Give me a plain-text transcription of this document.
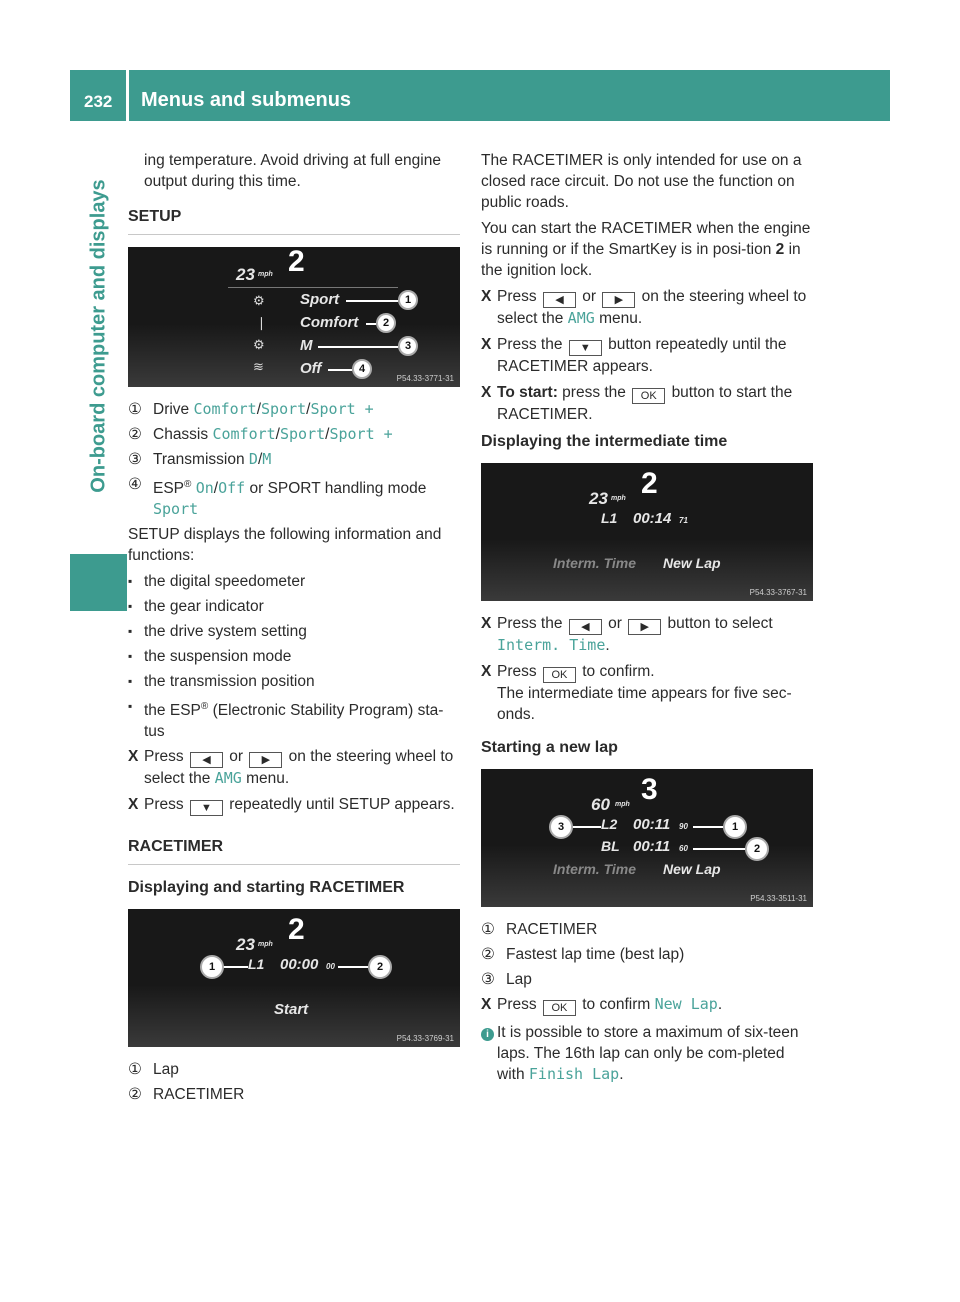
232 Menus and submenus
On-board computer and displays

ing temperature. Avoid driving at full engine output during this time.

SETUP
23 mph 2
⚙
❘
⚙
≋
Sport
Comfort
M
Off
1
2
3
4
P54.33-3771-31
① Drive Comfort/Sport/Sport +
② Chassis Comfort/Sport/Sport +
③ Transmission D/M
④ ESP® On/Off or SPORT handling mode
Sport

SETUP displays the following information and functions:

▪ the digital speedometer
▪ the gear indicator
▪ the drive system setting
▪ the suspension mode
▪ the transmission position
▪ the ESP® (Electronic Stability Program) sta-tus
X Press ◀ or ▶ on the steering wheel to select the AMG menu.
X Press ▼ repeatedly until SETUP appears.
RACETIMER
Displaying and starting RACETIMER
23 mph 2
L1 00:00 00
Start
1	2
P54.33-3769-31
① Lap
② RACETIMER

The RACETIMER is only intended for use on a closed race circuit. Do not use the function on public roads.

You can start the RACETIMER when the engine is running or if the SmartKey is in posi-tion 2 in the ignition lock.

X Press ◀ or ▶ on the steering wheel to select the AMG menu.
X Press the ▼ button repeatedly until the RACETIMER appears.
X To start: press the OK button to start the RACETIMER.
Displaying the intermediate time
23 mph 2
L1 00:14 71
Interm. Time New Lap
P54.33-3767-31
X Press the ◀ or ▶ button to select
Interm. Time.
X Press OK to confirm.
The intermediate time appears for five sec-onds.
Starting a new lap
60 mph 3
L2 00:11 90
BL 00:11 60
Interm. Time New Lap
3	1
2
P54.33-3511-31
① RACETIMER
② Fastest lap time (best lap)
③ Lap
X Press OK to confirm New Lap.
i It is possible to store a maximum of six-teen laps. The 16th lap can only be com-pleted with Finish Lap.
